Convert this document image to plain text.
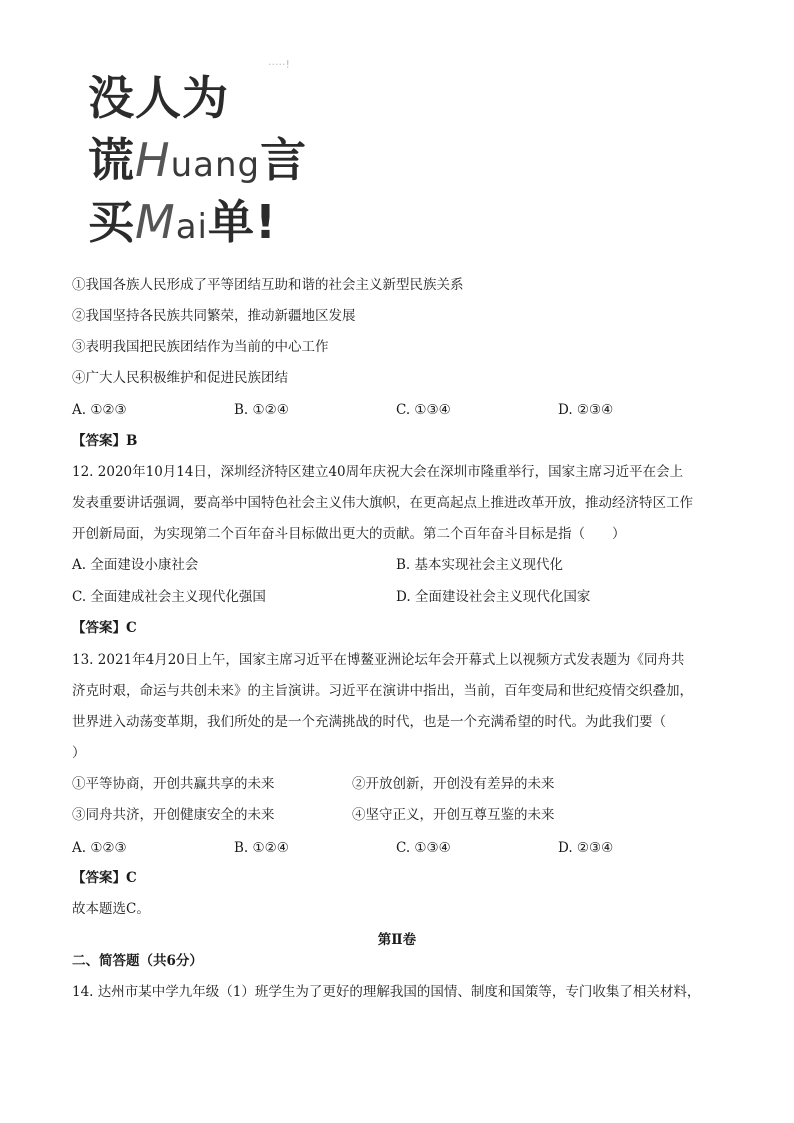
·····!
没人为
谎Huang言
买Mai单!
①我国各族人民形成了平等团结互助和谐的社会主义新型民族关系
②我国坚持各民族共同繁荣，推动新疆地区发展
③表明我国把民族团结作为当前的中心工作
④广大人民积极维护和促进民族团结
A. ①②③	B. ①②④	C. ①③④	D. ②③④
【答案】B
12. 2020年10月14日，深圳经济特区建立40周年庆祝大会在深圳市隆重举行，国家主席习近平在会上
发表重要讲话强调，要高举中国特色社会主义伟大旗帜，在更高起点上推进改革开放，推动经济特区工作
开创新局面，为实现第二个百年奋斗目标做出更大的贡献。第二个百年奋斗目标是指（　　）
A. 全面建设小康社会	B. 基本实现社会主义现代化
C. 全面建成社会主义现代化强国	D. 全面建设社会主义现代化国家
【答案】C
13. 2021年4月20日上午，国家主席习近平在博鳌亚洲论坛年会开幕式上以视频方式发表题为《同舟共
济克时艰，命运与共创未来》的主旨演讲。习近平在演讲中指出，当前，百年变局和世纪疫情交织叠加，
世界进入动荡变革期，我们所处的是一个充满挑战的时代，也是一个充满希望的时代。为此我们要（
）
①平等协商，开创共赢共享的未来	②开放创新，开创没有差异的未来
③同舟共济，开创健康安全的未来	④坚守正义，开创互尊互鉴的未来
A. ①②③	B. ①②④	C. ①③④	D. ②③④
【答案】C
故本题选C。
第Ⅱ卷
二、简答题（共6分）
14. 达州市某中学九年级（1）班学生为了更好的理解我国的国情、制度和国策等，专门收集了相关材料，
